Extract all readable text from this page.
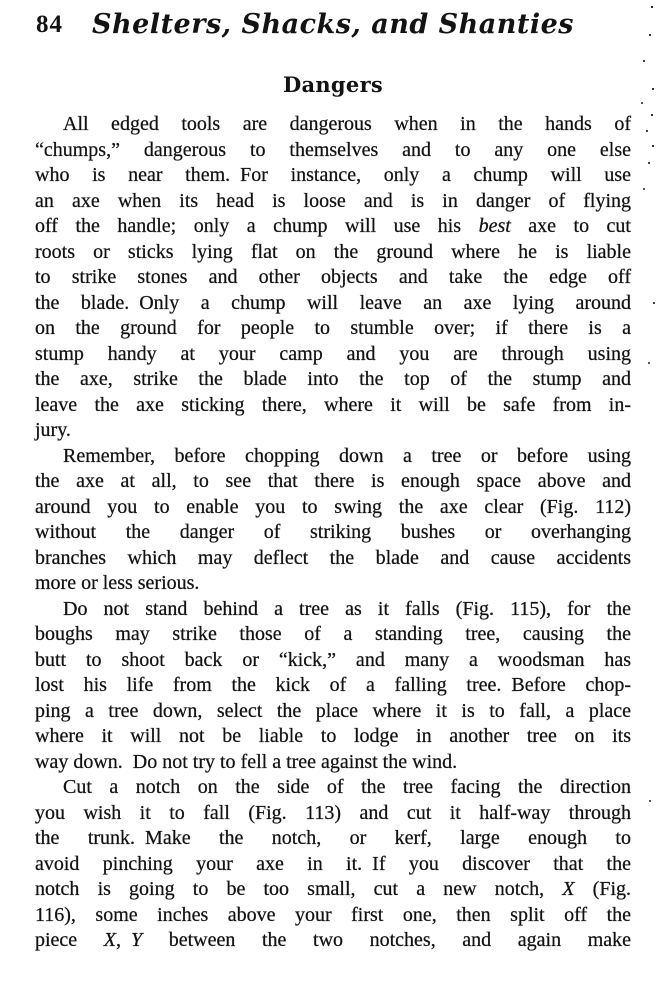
84	Shelters, Shacks, and Shanties
Dangers
All edged tools are dangerous when in the hands of
“chumps,” dangerous to themselves and to any one else
who is near them. For instance, only a chump will use
an axe when its head is loose and is in danger of flying
off the handle; only a chump will use his best axe to cut
roots or sticks lying flat on the ground where he is liable
to strike stones and other objects and take the edge off
the blade. Only a chump will leave an axe lying around
on the ground for people to stumble over; if there is a
stump handy at your camp and you are through using
the axe, strike the blade into the top of the stump and
leave the axe sticking there, where it will be safe from in-
jury.
Remember, before chopping down a tree or before using
the axe at all, to see that there is enough space above and
around you to enable you to swing the axe clear (Fig. 112)
without the danger of striking bushes or overhanging
branches which may deflect the blade and cause accidents
more or less serious.
Do not stand behind a tree as it falls (Fig. 115), for the
boughs may strike those of a standing tree, causing the
butt to shoot back or “kick,” and many a woodsman has
lost his life from the kick of a falling tree. Before chop-
ping a tree down, select the place where it is to fall, a place
where it will not be liable to lodge in another tree on its
way down. Do not try to fell a tree against the wind.
Cut a notch on the side of the tree facing the direction
you wish it to fall (Fig. 113) and cut it half-way through
the trunk. Make the notch, or kerf, large enough to
avoid pinching your axe in it. If you discover that the
notch is going to be too small, cut a new notch, X (Fig.
116), some inches above your first one, then split off the
piece X, Y between the two notches, and again make
